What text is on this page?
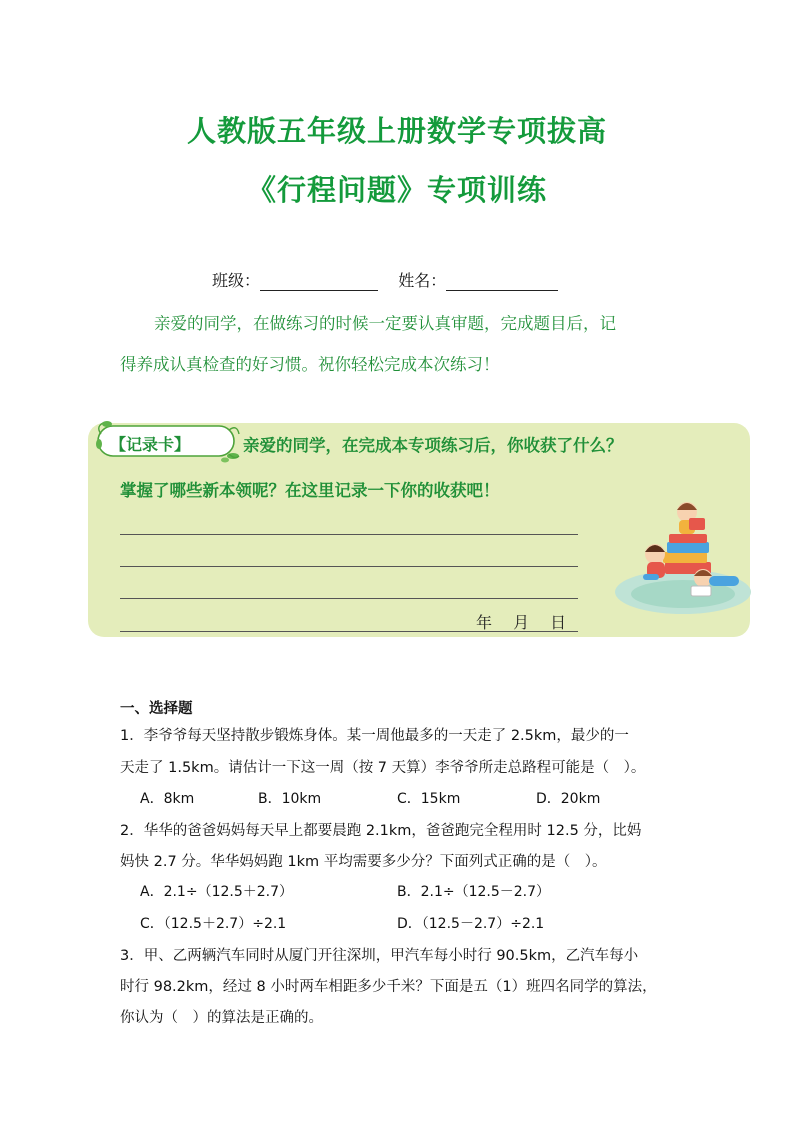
人教版五年级上册数学专项拔高
《行程问题》专项训练
班级：	姓名：
亲爱的同学，在做练习的时候一定要认真审题，完成题目后，记
得养成认真检查的好习惯。祝你轻松完成本次练习！
【记录卡】	亲爱的同学，在完成本专项练习后，你收获了什么？
掌握了哪些新本领呢？在这里记录一下你的收获吧！
年　 月　 日
一、选择题
1．李爷爷每天坚持散步锻炼身体。某一周他最多的一天走了 2.5km，最少的一
天走了 1.5km。请估计一下这一周（按 7 天算）李爷爷所走总路程可能是（　）。
A．8km	B．10km	C．15km	D．20km
2．华华的爸爸妈妈每天早上都要晨跑 2.1km，爸爸跑完全程用时 12.5 分，比妈
妈快 2.7 分。华华妈妈跑 1km 平均需要多少分？下面列式正确的是（　）。
A．2.1÷（12.5＋2.7）	B．2.1÷（12.5－2.7）
C．（12.5＋2.7）÷2.1	D．（12.5－2.7）÷2.1
3．甲、乙两辆汽车同时从厦门开往深圳，甲汽车每小时行 90.5km，乙汽车每小
时行 98.2km，经过 8 小时两车相距多少千米？下面是五（1）班四名同学的算法，
你认为（　）的算法是正确的。
